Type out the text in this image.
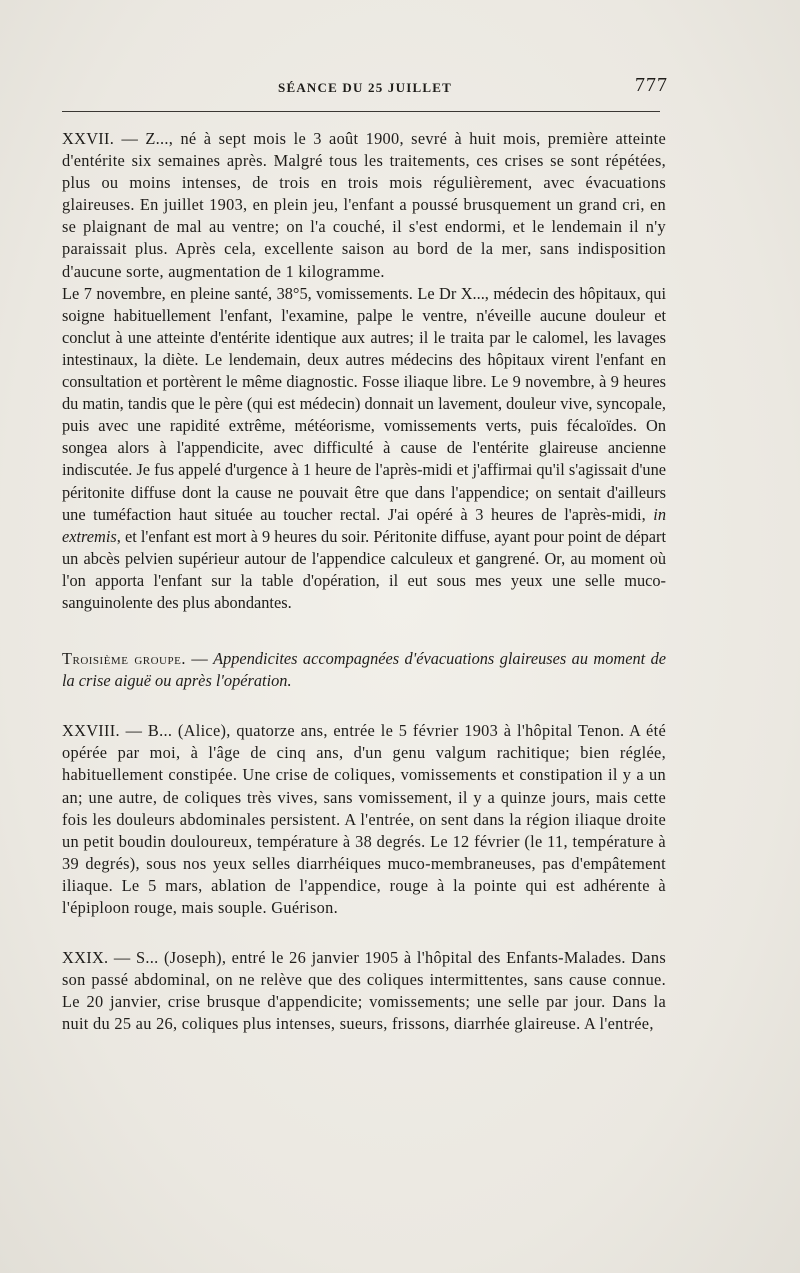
SÉANCE DU 25 JUILLET	777

XXVII. — Z..., né à sept mois le 3 août 1900, sevré à huit mois, première atteinte d'entérite six semaines après. Malgré tous les traitements, ces crises se sont répétées, plus ou moins intenses, de trois en trois mois régulièrement, avec évacuations glaireuses. En juillet 1903, en plein jeu, l'enfant a poussé brusquement un grand cri, en se plaignant de mal au ventre; on l'a couché, il s'est endormi, et le lendemain il n'y paraissait plus. Après cela, excellente saison au bord de la mer, sans indisposition d'aucune sorte, augmentation de 1 kilogramme.

Le 7 novembre, en pleine santé, 38°5, vomissements. Le Dr X..., médecin des hôpitaux, qui soigne habituellement l'enfant, l'examine, palpe le ventre, n'éveille aucune douleur et conclut à une atteinte d'entérite identique aux autres; il le traita par le calomel, les lavages intestinaux, la diète. Le lendemain, deux autres médecins des hôpitaux virent l'enfant en consultation et portèrent le même diagnostic. Fosse iliaque libre. Le 9 novembre, à 9 heures du matin, tandis que le père (qui est médecin) donnait un lavement, douleur vive, syncopale, puis avec une rapidité extrême, météorisme, vomissements verts, puis fécaloïdes. On songea alors à l'appendicite, avec difficulté à cause de l'entérite glaireuse ancienne indiscutée. Je fus appelé d'urgence à 1 heure de l'après-midi et j'affirmai qu'il s'agissait d'une péritonite diffuse dont la cause ne pouvait être que dans l'appendice; on sentait d'ailleurs une tuméfaction haut située au toucher rectal. J'ai opéré à 3 heures de l'après-midi, in extremis, et l'enfant est mort à 9 heures du soir. Péritonite diffuse, ayant pour point de départ un abcès pelvien supérieur autour de l'appendice calculeux et gangrené. Or, au moment où l'on apporta l'enfant sur la table d'opération, il eut sous mes yeux une selle muco-sanguinolente des plus abondantes.

Troisième groupe. — Appendicites accompagnées d'évacuations glaireuses au moment de la crise aiguë ou après l'opération.

XXVIII. — B... (Alice), quatorze ans, entrée le 5 février 1903 à l'hôpital Tenon. A été opérée par moi, à l'âge de cinq ans, d'un genu valgum rachitique; bien réglée, habituellement constipée. Une crise de coliques, vomissements et constipation il y a un an; une autre, de coliques très vives, sans vomissement, il y a quinze jours, mais cette fois les douleurs abdominales persistent. A l'entrée, on sent dans la région iliaque droite un petit boudin douloureux, température à 38 degrés. Le 12 février (le 11, température à 39 degrés), sous nos yeux selles diarrhéiques muco-membraneuses, pas d'empâtement iliaque. Le 5 mars, ablation de l'appendice, rouge à la pointe qui est adhérente à l'épiploon rouge, mais souple. Guérison.

XXIX. — S... (Joseph), entré le 26 janvier 1905 à l'hôpital des Enfants-Malades. Dans son passé abdominal, on ne relève que des coliques intermittentes, sans cause connue. Le 20 janvier, crise brusque d'appendicite; vomissements; une selle par jour. Dans la nuit du 25 au 26, coliques plus intenses, sueurs, frissons, diarrhée glaireuse. A l'entrée,
